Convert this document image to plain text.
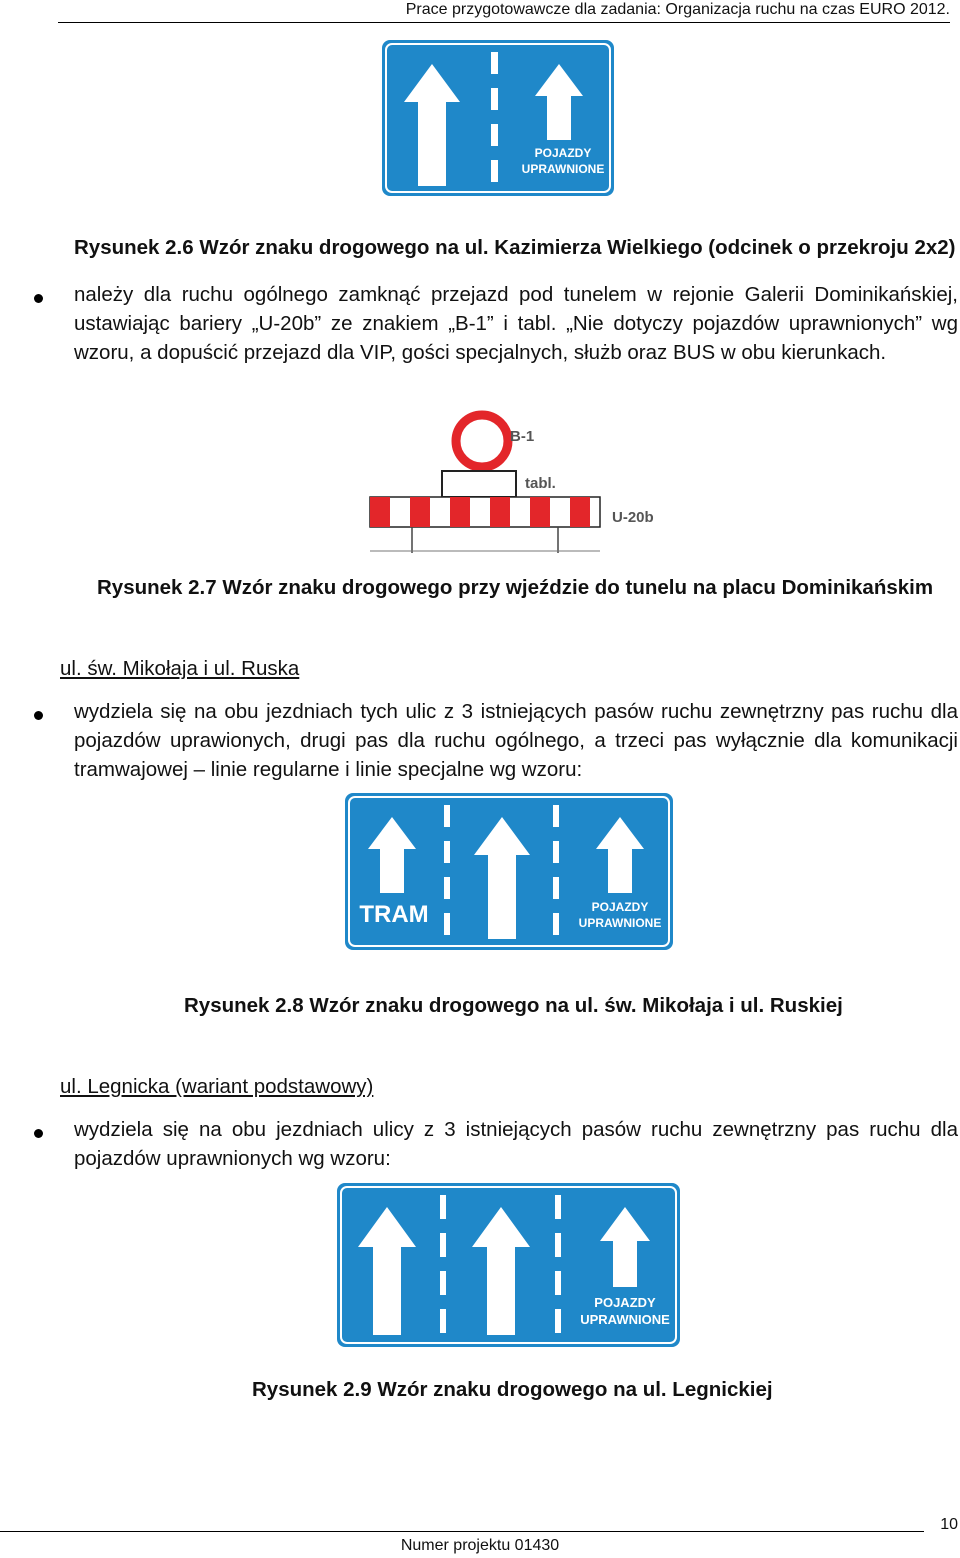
Prace przygotowawcze dla zadania: Organizacja ruchu na czas EURO 2012.
POJAZDY
UPRAWNIONE
Rysunek 2.6 Wzór znaku drogowego na ul. Kazimierza Wielkiego (odcinek o przekroju 2x2)
należy dla ruchu ogólnego zamknąć przejazd pod tunelem w rejonie Galerii Dominikańskiej, ustawiając bariery „U-20b” ze znakiem „B-1” i tabl. „Nie dotyczy pojazdów uprawnionych” wg wzoru, a dopuścić przejazd dla VIP, gości specjalnych, służb oraz BUS w obu kierunkach.
B-1
tabl.
U-20b
Rysunek 2.7 Wzór znaku drogowego przy wjeździe do tunelu na placu Dominikańskim
ul. św. Mikołaja i ul. Ruska
wydziela się na obu jezdniach tych ulic z 3 istniejących pasów ruchu zewnętrzny pas ruchu dla pojazdów uprawionych, drugi pas dla ruchu ogólnego, a trzeci pas wyłącznie dla komunikacji tramwajowej – linie regularne i linie specjalne wg wzoru:
TRAM	POJAZDY
UPRAWNIONE
Rysunek 2.8 Wzór znaku drogowego na ul. św. Mikołaja i ul. Ruskiej
ul. Legnicka (wariant podstawowy)
wydziela się na obu jezdniach ulicy z 3 istniejących pasów ruchu zewnętrzny pas ruchu dla pojazdów uprawnionych wg wzoru:
POJAZDY
UPRAWNIONE
Rysunek 2.9 Wzór znaku drogowego na ul. Legnickiej
10
Numer projektu 01430
